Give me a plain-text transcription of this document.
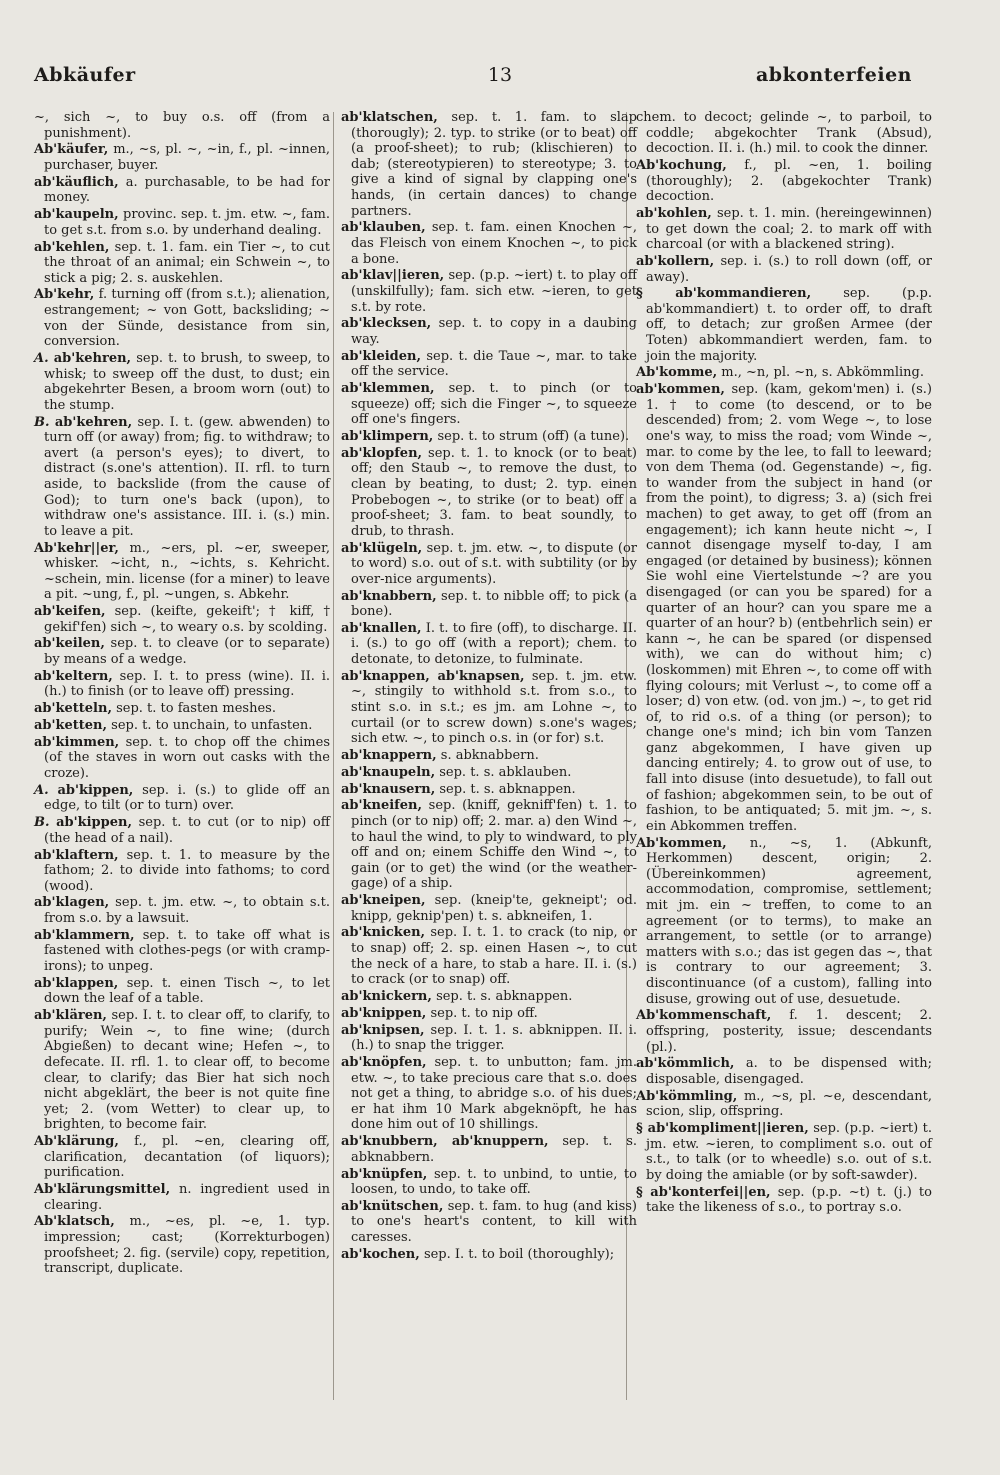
Abkäufer	13	abkonterfeien

~, sich ~, to buy o.s. off (from a punishment).

Ab'käufer, m., ~s, pl. ~, ~in, f., pl. ~innen, purchaser, buyer.

ab'käuflich, a. purchasable, to be had for money.

ab'kaupeln, provinc. sep. t. jm. etw. ~, fam. to get s.t. from s.o. by underhand dealing.

ab'kehlen, sep. t. 1. fam. ein Tier ~, to cut the throat of an animal; ein Schwein ~, to stick a pig; 2. s. auskehlen.

Ab'kehr, f. turning off (from s.t.); alienation, estrangement; ~ von Gott, backsliding; ~ von der Sünde, desistance from sin, conversion.

A. ab'kehren, sep. t. to brush, to sweep, to whisk; to sweep off the dust, to dust; ein abgekehrter Besen, a broom worn (out) to the stump.

B. ab'kehren, sep. I. t. (gew. abwenden) to turn off (or away) from; fig. to withdraw; to avert (a person's eyes); to divert, to distract (s.one's attention). II. rfl. to turn aside, to backslide (from the cause of God); to turn one's back (upon), to withdraw one's assistance. III. i. (s.) min. to leave a pit.

Ab'kehr||er, m., ~ers, pl. ~er, sweeper, whisker. ~icht, n., ~ichts, s. Kehricht. ~schein, min. license (for a miner) to leave a pit. ~ung, f., pl. ~ungen, s. Abkehr.

ab'keifen, sep. (keifte, gekeift'; † kiff, † gekif'fen) sich ~, to weary o.s. by scolding.

ab'keilen, sep. t. to cleave (or to separate) by means of a wedge.

ab'keltern, sep. I. t. to press (wine). II. i. (h.) to finish (or to leave off) pressing.

ab'ketteln, sep. t. to fasten meshes.

ab'ketten, sep. t. to unchain, to unfasten.

ab'kimmen, sep. t. to chop off the chimes (of the staves in worn out casks with the croze).

A. ab'kippen, sep. i. (s.) to glide off an edge, to tilt (or to turn) over.

B. ab'kippen, sep. t. to cut (or to nip) off (the head of a nail).

ab'klaftern, sep. t. 1. to measure by the fathom; 2. to divide into fathoms; to cord (wood).

ab'klagen, sep. t. jm. etw. ~, to obtain s.t. from s.o. by a lawsuit.

ab'klammern, sep. t. to take off what is fastened with clothes-pegs (or with cramp-irons); to unpeg.

ab'klappen, sep. t. einen Tisch ~, to let down the leaf of a table.

ab'klären, sep. I. t. to clear off, to clarify, to purify; Wein ~, to fine wine; (durch Abgießen) to decant wine; Hefen ~, to defecate. II. rfl. 1. to clear off, to become clear, to clarify; das Bier hat sich noch nicht abgeklärt, the beer is not quite fine yet; 2. (vom Wetter) to clear up, to brighten, to become fair.

Ab'klärung, f., pl. ~en, clearing off, clarification, decantation (of liquors); purification.

Ab'klärungsmittel, n. ingredient used in clearing.

Ab'klatsch, m., ~es, pl. ~e, 1. typ. impression; cast; (Korrekturbogen) proofsheet; 2. fig. (servile) copy, repetition, transcript, duplicate.

ab'klatschen, sep. t. 1. fam. to slap (thorougly); 2. typ. to strike (or to beat) off (a proof-sheet); to rub; (klischieren) to dab; (stereotypieren) to stereotype; 3. to give a kind of signal by clapping one's hands, (in certain dances) to change partners.

ab'klauben, sep. t. fam. einen Knochen ~, das Fleisch von einem Knochen ~, to pick a bone.

ab'klav||ieren, sep. (p.p. ~iert) t. to play off (unskilfully); fam. sich etw. ~ieren, to get s.t. by rote.

ab'klecksen, sep. t. to copy in a daubing way.

ab'kleiden, sep. t. die Taue ~, mar. to take off the service.

ab'klemmen, sep. t. to pinch (or to squeeze) off; sich die Finger ~, to squeeze off one's fingers.

ab'klimpern, sep. t. to strum (off) (a tune).

ab'klopfen, sep. t. 1. to knock (or to beat) off; den Staub ~, to remove the dust, to clean by beating, to dust; 2. typ. einen Probebogen ~, to strike (or to beat) off a proof-sheet; 3. fam. to beat soundly, to drub, to thrash.

ab'klügeln, sep. t. jm. etw. ~, to dispute (or to word) s.o. out of s.t. with subtility (or by over-nice arguments).

ab'knabbern, sep. t. to nibble off; to pick (a bone).

ab'knallen, I. t. to fire (off), to discharge. II. i. (s.) to go off (with a report); chem. to detonate, to detonize, to fulminate.

ab'knappen, ab'knapsen, sep. t. jm. etw. ~, stingily to withhold s.t. from s.o., to stint s.o. in s.t.; es jm. am Lohne ~, to curtail (or to screw down) s.one's wages; sich etw. ~, to pinch o.s. in (or for) s.t.

ab'knappern, s. abknabbern.

ab'knaupeln, sep. t. s. abklauben.

ab'knausern, sep. t. s. abknappen.

ab'kneifen, sep. (kniff, gekniff'fen) t. 1. to pinch (or to nip) off; 2. mar. a) den Wind ~, to haul the wind, to ply to windward, to ply off and on; einem Schiffe den Wind ~, to gain (or to get) the wind (or the weather-gage) of a ship.

ab'kneipen, sep. (kneip'te, gekneipt'; od. knipp, geknip'pen) t. s. abkneifen, 1.

ab'knicken, sep. I. t. 1. to crack (to nip, or to snap) off; 2. sp. einen Hasen ~, to cut the neck of a hare, to stab a hare. II. i. (s.) to crack (or to snap) off.

ab'knickern, sep. t. s. abknappen.

ab'knippen, sep. t. to nip off.

ab'knipsen, sep. I. t. 1. s. abknippen. II. i. (h.) to snap the trigger.

ab'knöpfen, sep. t. to unbutton; fam. jm. etw. ~, to take precious care that s.o. does not get a thing, to abridge s.o. of his dues; er hat ihm 10 Mark abgeknöpft, he has done him out of 10 shillings.

ab'knubbern, ab'knuppern, sep. t. s. abknabbern.

ab'knüpfen, sep. t. to unbind, to untie, to loosen, to undo, to take off.

ab'knütschen, sep. t. fam. to hug (and kiss) to one's heart's content, to kill with caresses.

ab'kochen, sep. I. t. to boil (thoroughly);

chem. to decoct; gelinde ~, to parboil, to coddle; abgekochter Trank (Absud), decoction. II. i. (h.) mil. to cook the dinner.

Ab'kochung, f., pl. ~en, 1. boiling (thoroughly); 2. (abgekochter Trank) decoction.

ab'kohlen, sep. t. 1. min. (hereingewinnen) to get down the coal; 2. to mark off with charcoal (or with a blackened string).

ab'kollern, sep. i. (s.) to roll down (off, or away).

§ ab'kommandieren, sep. (p.p. ab'kommandiert) t. to order off, to draft off, to detach; zur großen Armee (der Toten) abkommandiert werden, fam. to join the majority.

Ab'komme, m., ~n, pl. ~n, s. Abkömmling.

ab'kommen, sep. (kam, gekom'men) i. (s.) 1. † to come (to descend, or to be descended) from; 2. vom Wege ~, to lose one's way, to miss the road; vom Winde ~, mar. to come by the lee, to fall to leeward; von dem Thema (od. Gegenstande) ~, fig. to wander from the subject in hand (or from the point), to digress; 3. a) (sich frei machen) to get away, to get off (from an engagement); ich kann heute nicht ~, I cannot disengage myself to-day, I am engaged (or detained by business); können Sie wohl eine Viertelstunde ~? are you disengaged (or can you be spared) for a quarter of an hour? can you spare me a quarter of an hour? b) (entbehrlich sein) er kann ~, he can be spared (or dispensed with), we can do without him; c) (loskommen) mit Ehren ~, to come off with flying colours; mit Verlust ~, to come off a loser; d) von etw. (od. von jm.) ~, to get rid of, to rid o.s. of a thing (or person); to change one's mind; ich bin vom Tanzen ganz abgekommen, I have given up dancing entirely; 4. to grow out of use, to fall into disuse (into desuetude), to fall out of fashion; abgekommen sein, to be out of fashion, to be antiquated; 5. mit jm. ~, s. ein Abkommen treffen.

Ab'kommen, n., ~s, 1. (Abkunft, Herkommen) descent, origin; 2. (Übereinkommen) agreement, accommodation, compromise, settlement; mit jm. ein ~ treffen, to come to an agreement (or to terms), to make an arrangement, to settle (or to arrange) matters with s.o.; das ist gegen das ~, that is contrary to our agreement; 3. discontinuance (of a custom), falling into disuse, growing out of use, desuetude.

Ab'kommenschaft, f. 1. descent; 2. offspring, posterity, issue; descendants (pl.).

ab'kömmlich, a. to be dispensed with; disposable, disengaged.

Ab'kömmling, m., ~s, pl. ~e, descendant, scion, slip, offspring.

§ ab'kompliment||ieren, sep. (p.p. ~iert) t. jm. etw. ~ieren, to compliment s.o. out of s.t., to talk (or to wheedle) s.o. out of s.t. by doing the amiable (or by soft-sawder).

§ ab'konterfei||en, sep. (p.p. ~t) t. (j.) to take the likeness of s.o., to portray s.o.
